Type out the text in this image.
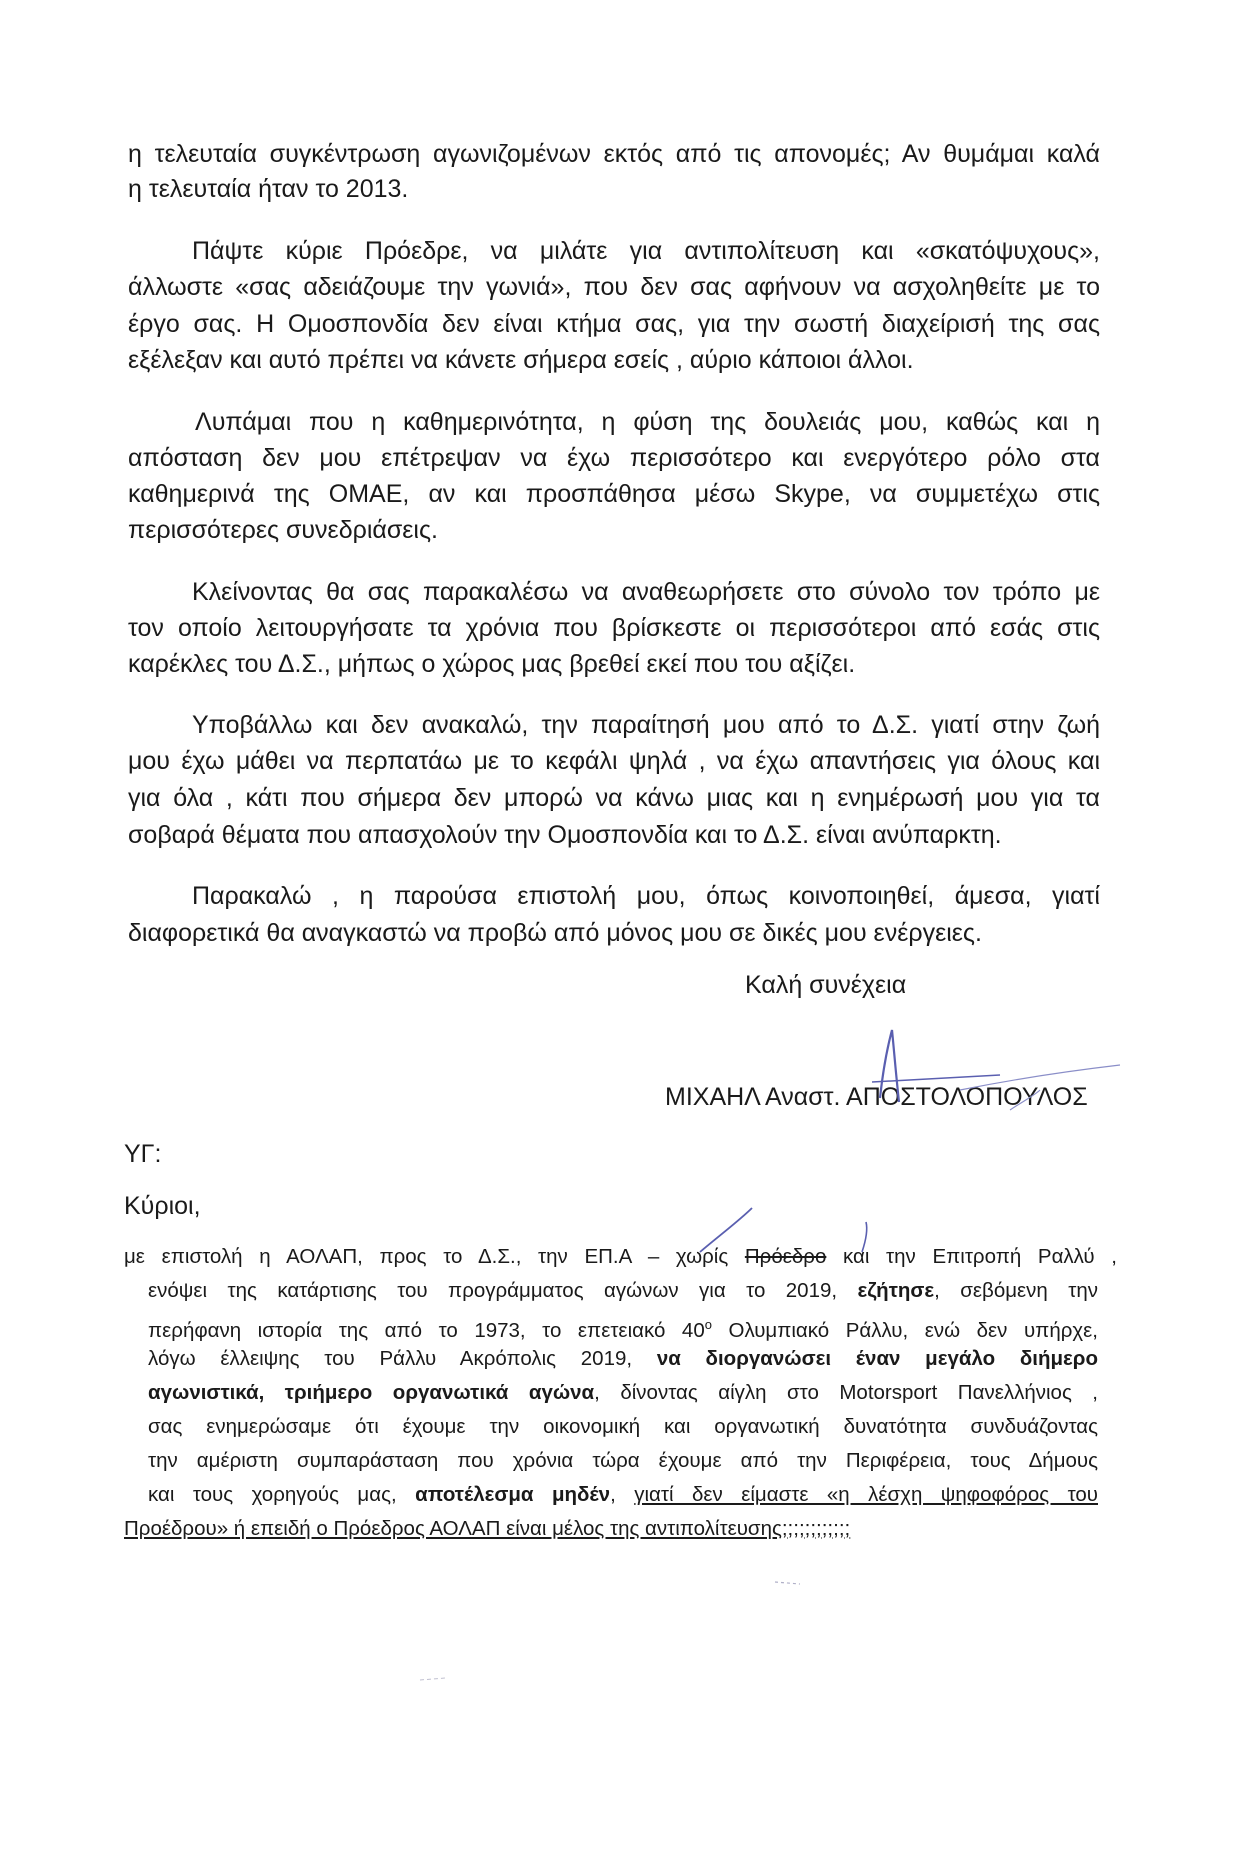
η τελευταία συγκέντρωση αγωνιζομένων εκτός από τις απονομές; Αν θυμάμαι καλά
η τελευταία ήταν το 2013.
Πάψτε κύριε Πρόεδρε, να μιλάτε για αντιπολίτευση και «σκατόψυχους»,
άλλωστε «σας αδειάζουμε την γωνιά», που δεν σας αφήνουν να ασχοληθείτε με το
έργο σας. Η Ομοσπονδία δεν είναι κτήμα σας, για την σωστή διαχείρισή της σας
εξέλεξαν και αυτό πρέπει να κάνετε σήμερα εσείς , αύριο κάποιοι άλλοι.
Λυπάμαι που η καθημερινότητα, η φύση της δουλειάς μου, καθώς και η
απόσταση δεν μου επέτρεψαν να έχω περισσότερο και ενεργότερο ρόλο στα
καθημερινά της ΟΜΑΕ, αν και προσπάθησα μέσω Skype, να συμμετέχω στις
περισσότερες συνεδριάσεις.
Κλείνοντας θα σας παρακαλέσω να αναθεωρήσετε στο σύνολο τον τρόπο με
τον οποίο λειτουργήσατε τα χρόνια που βρίσκεστε οι περισσότεροι από εσάς στις
καρέκλες του Δ.Σ., μήπως ο χώρος μας βρεθεί εκεί που του αξίζει.
Υποβάλλω και δεν ανακαλώ, την παραίτησή μου από το Δ.Σ. γιατί στην ζωή
μου έχω μάθει να περπατάω με το κεφάλι ψηλά , να έχω απαντήσεις για όλους και
για όλα , κάτι που σήμερα δεν μπορώ να κάνω μιας και η ενημέρωσή μου για τα
σοβαρά θέματα που απασχολούν την Ομοσπονδία και το Δ.Σ. είναι ανύπαρκτη.
Παρακαλώ , η παρούσα επιστολή μου, όπως κοινοποιηθεί, άμεσα, γιατί
διαφορετικά θα αναγκαστώ να προβώ από μόνος μου σε δικές μου ενέργειες.
Καλή συνέχεια
ΜΙΧΑΗΛ Αναστ. ΑΠΟΣΤΟΛΟΠΟΥΛΟΣ
ΥΓ:
Κύριοι,
με επιστολή η ΑΟΛΑΠ, προς το Δ.Σ., την ΕΠ.Α – χωρίς Πρόεδρο και την Επιτροπή Ραλλύ ,
ενόψει της κατάρτισης του προγράμματος αγώνων για το 2019, εζήτησε, σεβόμενη την
περήφανη ιστορία της από το 1973, το επετειακό $40^o$ Ολυμπιακό Ράλλυ, ενώ δεν υπήρχε,
λόγω έλλειψης του Ράλλυ Ακρόπολις 2019, να διοργανώσει έναν μεγάλο διήμερο
αγωνιστικά, τριήμερο οργανωτικά αγώνα, δίνοντας αίγλη στο Motorsport Πανελλήνιος ,
σας ενημερώσαμε ότι έχουμε την οικονομική και οργανωτική δυνατότητα συνδυάζοντας
την αμέριστη συμπαράσταση που χρόνια τώρα έχουμε από την Περιφέρεια, τους Δήμους
και τους χορηγούς μας, αποτέλεσμα μηδέν, γιατί δεν είμαστε «η λέσχη ψηφοφόρος του
Προέδρου» ή επειδή ο Πρόεδρος ΑΟΛΑΠ είναι μέλος της αντιπολίτευσης;;;;;;;;;;;;
